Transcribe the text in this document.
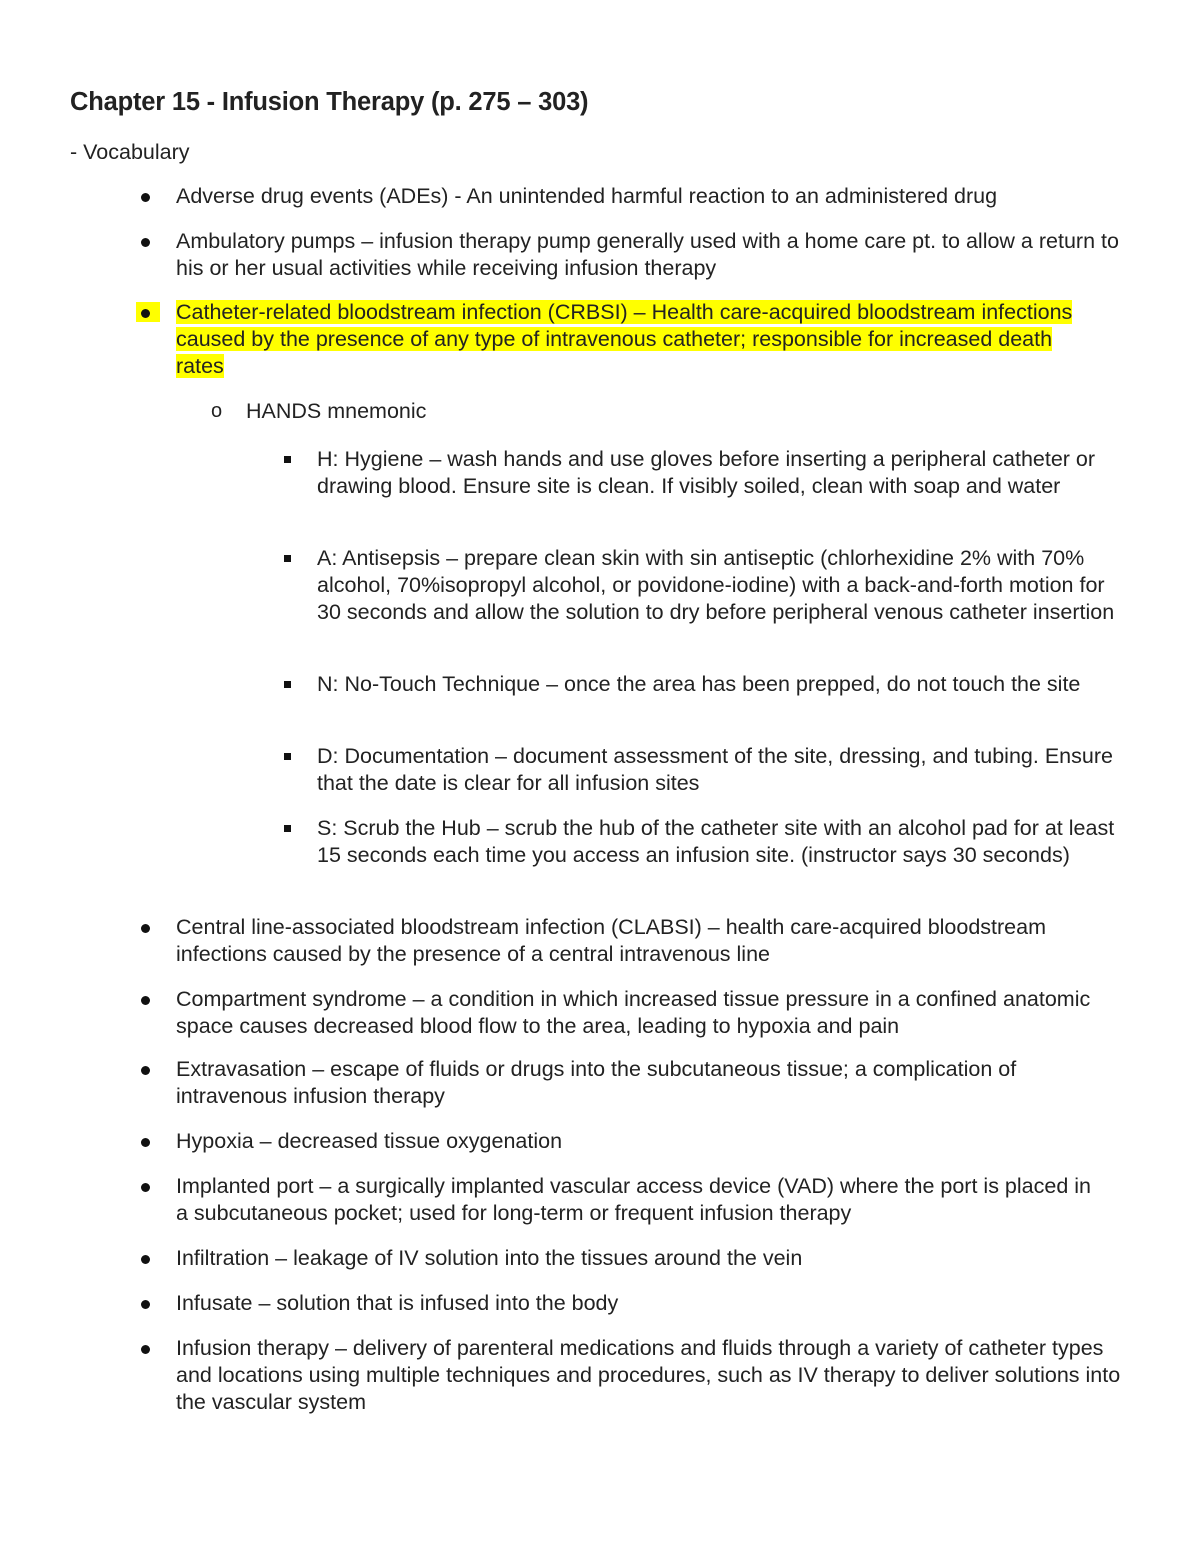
Chapter 15 - Infusion Therapy (p. 275 – 303)

- Vocabulary

Adverse drug events (ADEs) - An unintended harmful reaction to an administered drug
Ambulatory pumps – infusion therapy pump generally used with a home care pt. to allow a return to his or her usual activities while receiving infusion therapy
Catheter-related bloodstream infection (CRBSI) – Health care-acquired bloodstream infections caused by the presence of any type of intravenous catheter; responsible for increased death rates
o HANDS mnemonic
H: Hygiene – wash hands and use gloves before inserting a peripheral catheter or drawing blood. Ensure site is clean. If visibly soiled, clean with soap and water
A: Antisepsis – prepare clean skin with sin antiseptic (chlorhexidine 2% with 70% alcohol, 70%isopropyl alcohol, or povidone-iodine) with a back-and-forth motion for 30 seconds and allow the solution to dry before peripheral venous catheter insertion
N: No-Touch Technique – once the area has been prepped, do not touch the site
D: Documentation – document assessment of the site, dressing, and tubing. Ensure that the date is clear for all infusion sites
S: Scrub the Hub – scrub the hub of the catheter site with an alcohol pad for at least 15 seconds each time you access an infusion site. (instructor says 30 seconds)
Central line-associated bloodstream infection (CLABSI) – health care-acquired bloodstream infections caused by the presence of a central intravenous line
Compartment syndrome – a condition in which increased tissue pressure in a confined anatomic space causes decreased blood flow to the area, leading to hypoxia and pain
Extravasation – escape of fluids or drugs into the subcutaneous tissue; a complication of intravenous infusion therapy
Hypoxia – decreased tissue oxygenation
Implanted port – a surgically implanted vascular access device (VAD) where the port is placed in a subcutaneous pocket; used for long-term or frequent infusion therapy
Infiltration – leakage of IV solution into the tissues around the vein
Infusate – solution that is infused into the body
Infusion therapy – delivery of parenteral medications and fluids through a variety of catheter types and locations using multiple techniques and procedures, such as IV therapy to deliver solutions into the vascular system
